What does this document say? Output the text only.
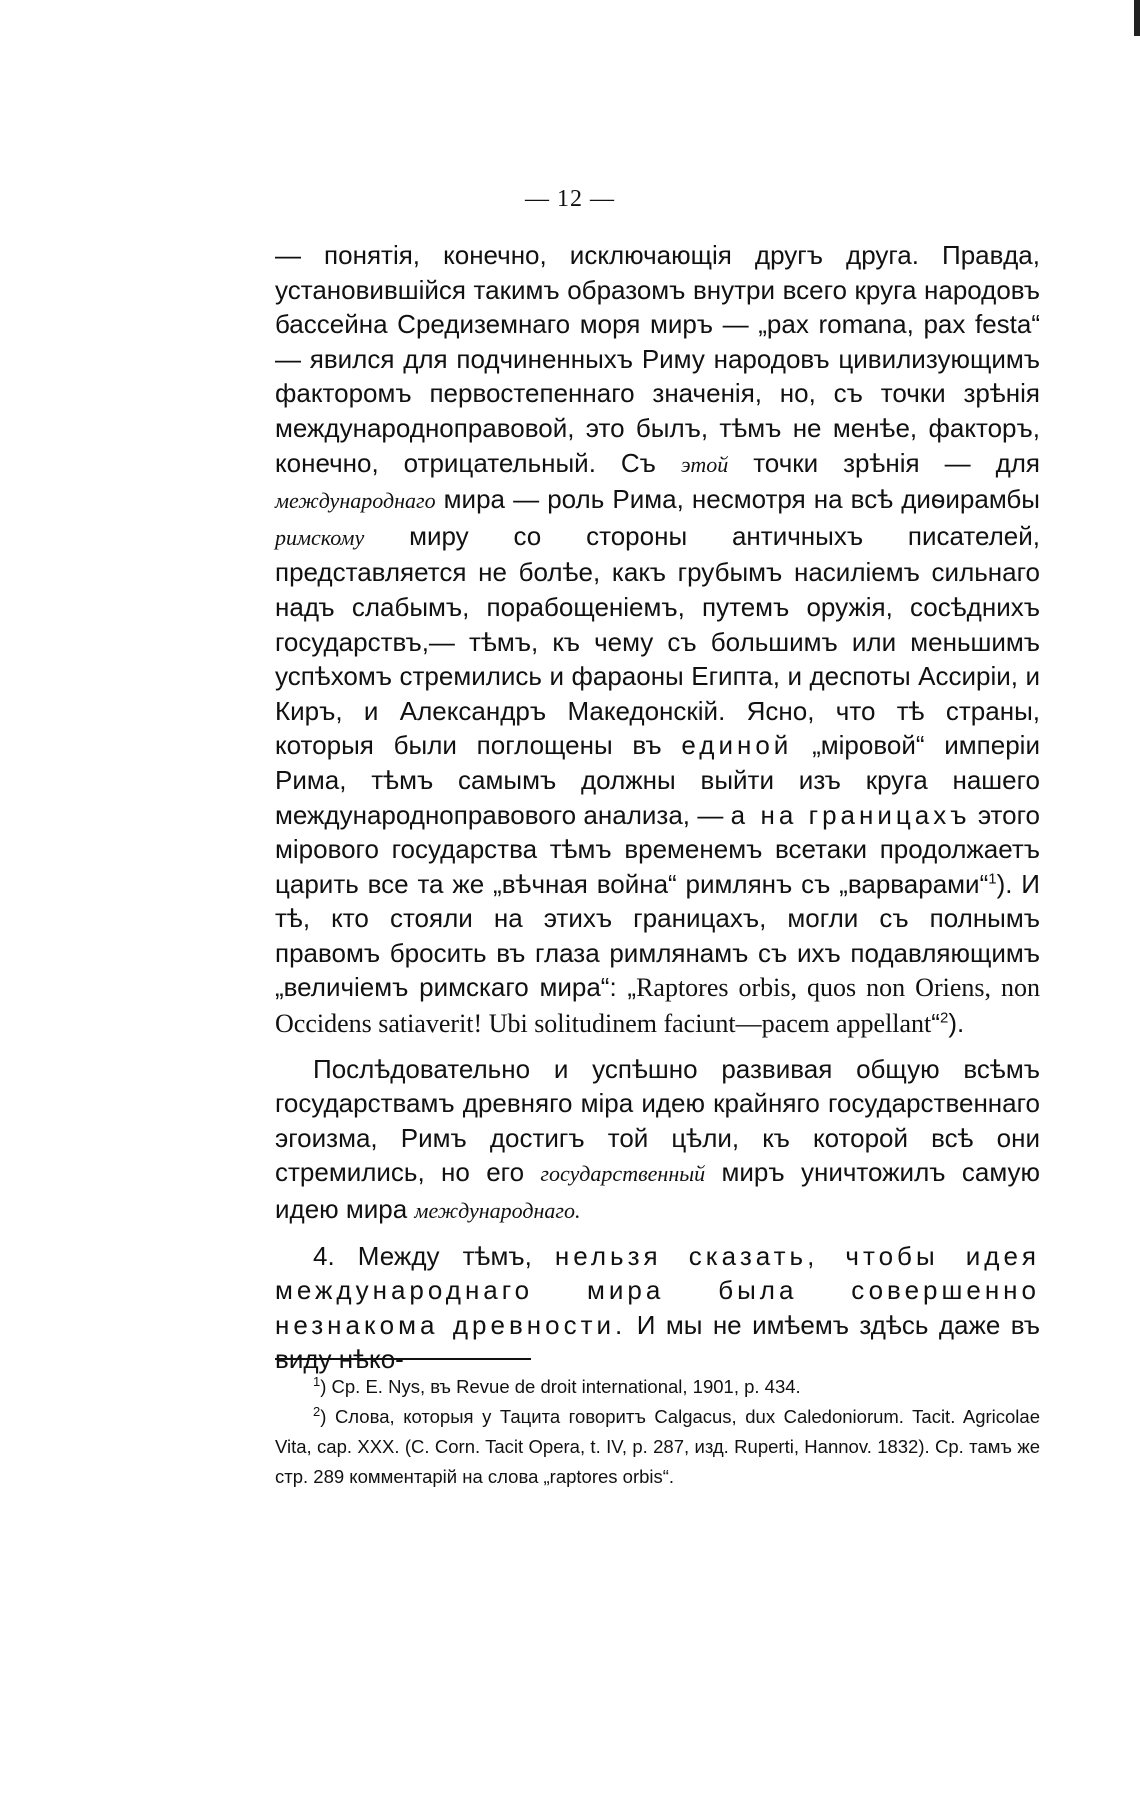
— 12 —

— понятія, конечно, исключающія другъ друга. Правда, установившійся такимъ образомъ внутри всего круга народовъ бассейна Средиземнаго моря миръ — „pax romana, pax festa“ — явился для подчиненныхъ Риму народовъ цивилизующимъ факторомъ первостепеннаго значенія, но, съ точки зрѣнія международноправовой, это былъ, тѣмъ не менѣе, факторъ, конечно, отрицательный. Съ этой точки зрѣнія — для международнаго мира — роль Рима, несмотря на всѣ диѳирамбы римскому миру со стороны античныхъ писателей, представляется не болѣе, какъ грубымъ насиліемъ сильнаго надъ слабымъ, порабощеніемъ, путемъ оружія, сосѣднихъ государствъ,— тѣмъ, къ чему съ большимъ или меньшимъ успѣхомъ стремились и фараоны Египта, и деспоты Ассиріи, и Киръ, и Александръ Македонскій. Ясно, что тѣ страны, которыя были поглощены въ единой „міровой“ имперіи Рима, тѣмъ самымъ должны выйти изъ круга нашего международноправового анализа, — а на границахъ этого мірового государства тѣмъ временемъ всетаки продолжаетъ царить все та же „вѣчная война“ римлянъ съ „варварами“$^1$). И тѣ, кто стояли на этихъ границахъ, могли съ полнымъ правомъ бросить въ глаза римлянамъ съ ихъ подавляющимъ „величіемъ римскаго мира“: „Raptores orbis, quos non Oriens, non Occidens satiaverit! Ubi solitudinem faciunt—pacem appellant“$^2$).

Послѣдовательно и успѣшно развивая общую всѣмъ государствамъ древняго міра идею крайняго государственнаго эгоизма, Римъ достигъ той цѣли, къ которой всѣ они стремились, но его государственный миръ уничтожилъ самую идею мира международнаго.

4. Между тѣмъ, нельзя сказать, чтобы идея международнаго мира была совершенно незнакома древности. И мы не имѣемъ здѣсь даже въ виду нѣко-

$^1$) Ср. E. Nys, въ Revue de droit international, 1901, p. 434.

$^2$) Слова, которыя у Тацита говоритъ Calgacus, dux Caledoniorum. Tacit. Agricolae Vita, cap. XXX. (C. Corn. Tacit Opera, t. IV, p. 287, изд. Ruperti, Hannov. 1832). Ср. тамъ же стр. 289 комментарій на слова „raptores orbis“.
